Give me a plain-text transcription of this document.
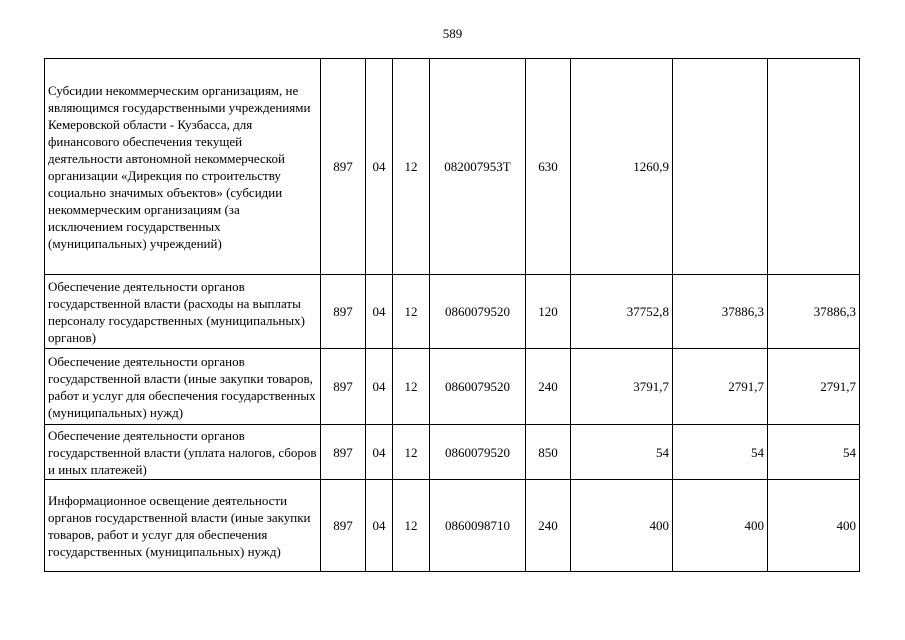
589
Субсидии некоммерческим организациям, не являющимся государственными учреждениями Кемеровской области - Кузбасса, для финансового обеспечения текущей деятельности автономной некоммерческой организации «Дирекция по строительству социально значимых объектов» (субсидии некоммерческим организациям (за исключением государственных (муниципальных) учреждений)	897	04	12	082007953Т	630	1260,9		
Обеспечение деятельности органов государственной власти (расходы на выплаты персоналу государственных (муниципальных) органов)	897	04	12	0860079520	120	37752,8	37886,3	37886,3
Обеспечение деятельности органов государственной власти (иные закупки товаров, работ и услуг для обеспечения государственных (муниципальных) нужд)	897	04	12	0860079520	240	3791,7	2791,7	2791,7
Обеспечение деятельности органов государственной власти (уплата налогов, сборов и иных платежей)	897	04	12	0860079520	850	54	54	54
Информационное освещение деятельности органов государственной власти (иные закупки товаров, работ и услуг для обеспечения государственных (муниципальных) нужд)	897	04	12	0860098710	240	400	400	400
